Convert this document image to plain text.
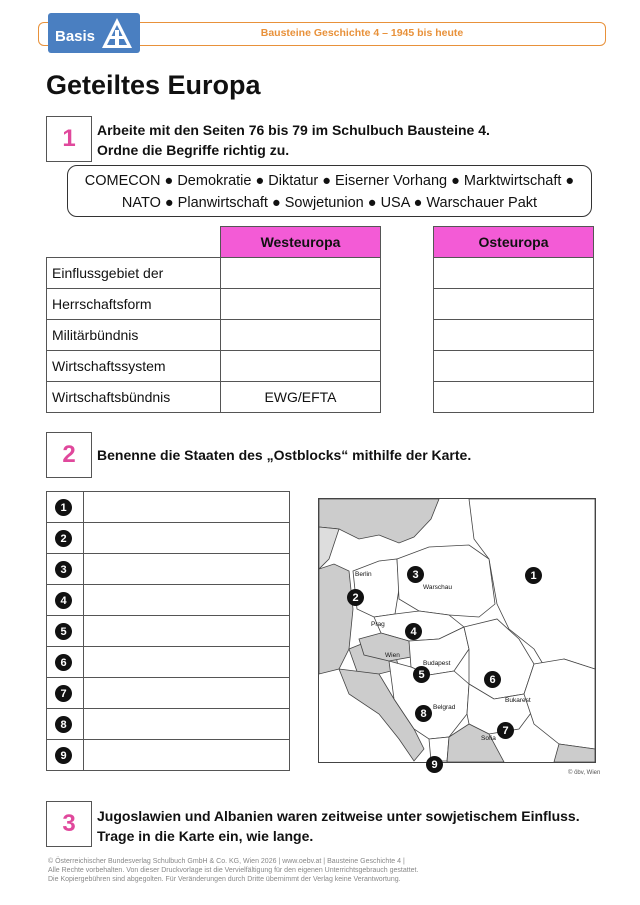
Bausteine Geschichte 4 – 1945 bis heute
Basis
Geteiltes Europa
1	Arbeite mit den Seiten 76 bis 79 im Schulbuch Bausteine 4.
Ordne die Begriffe richtig zu.
COMECON ● Demokratie ● Diktatur ● Eiserner Vorhang ● Marktwirtschaft ●
NATO ● Planwirtschaft ● Sowjetunion ● USA ● Warschauer Pakt
	Westeuropa		Osteuropa
Einflussgebiet der			
Herrschaftsform			
Militärbündnis			
Wirtschaftssystem			
Wirtschaftsbündnis	EWG/EFTA		
2	Benenne die Staaten des „Ostblocks“ mithilfe der Karte.
1	
2	
3	
4	
5	
6	
7	
8	
9	
Berlin
Warschau
Prag
Wien
Budapest
Bukarest
Belgrad
Sofia
1
2
3
4
5	6
7
8
9
© öbv, Wien
3	Jugoslawien und Albanien waren zeitweise unter sowjetischem Einfluss.
Trage in die Karte ein, wie lange.
© Österreichischer Bundesverlag Schulbuch GmbH & Co. KG, Wien 2026 | www.oebv.at | Bausteine Geschichte 4 |
Alle Rechte vorbehalten. Von dieser Druckvorlage ist die Vervielfältigung für den eigenen Unterrichtsgebrauch gestattet.
Die Kopiergebühren sind abgegolten. Für Veränderungen durch Dritte übernimmt der Verlag keine Verantwortung.
